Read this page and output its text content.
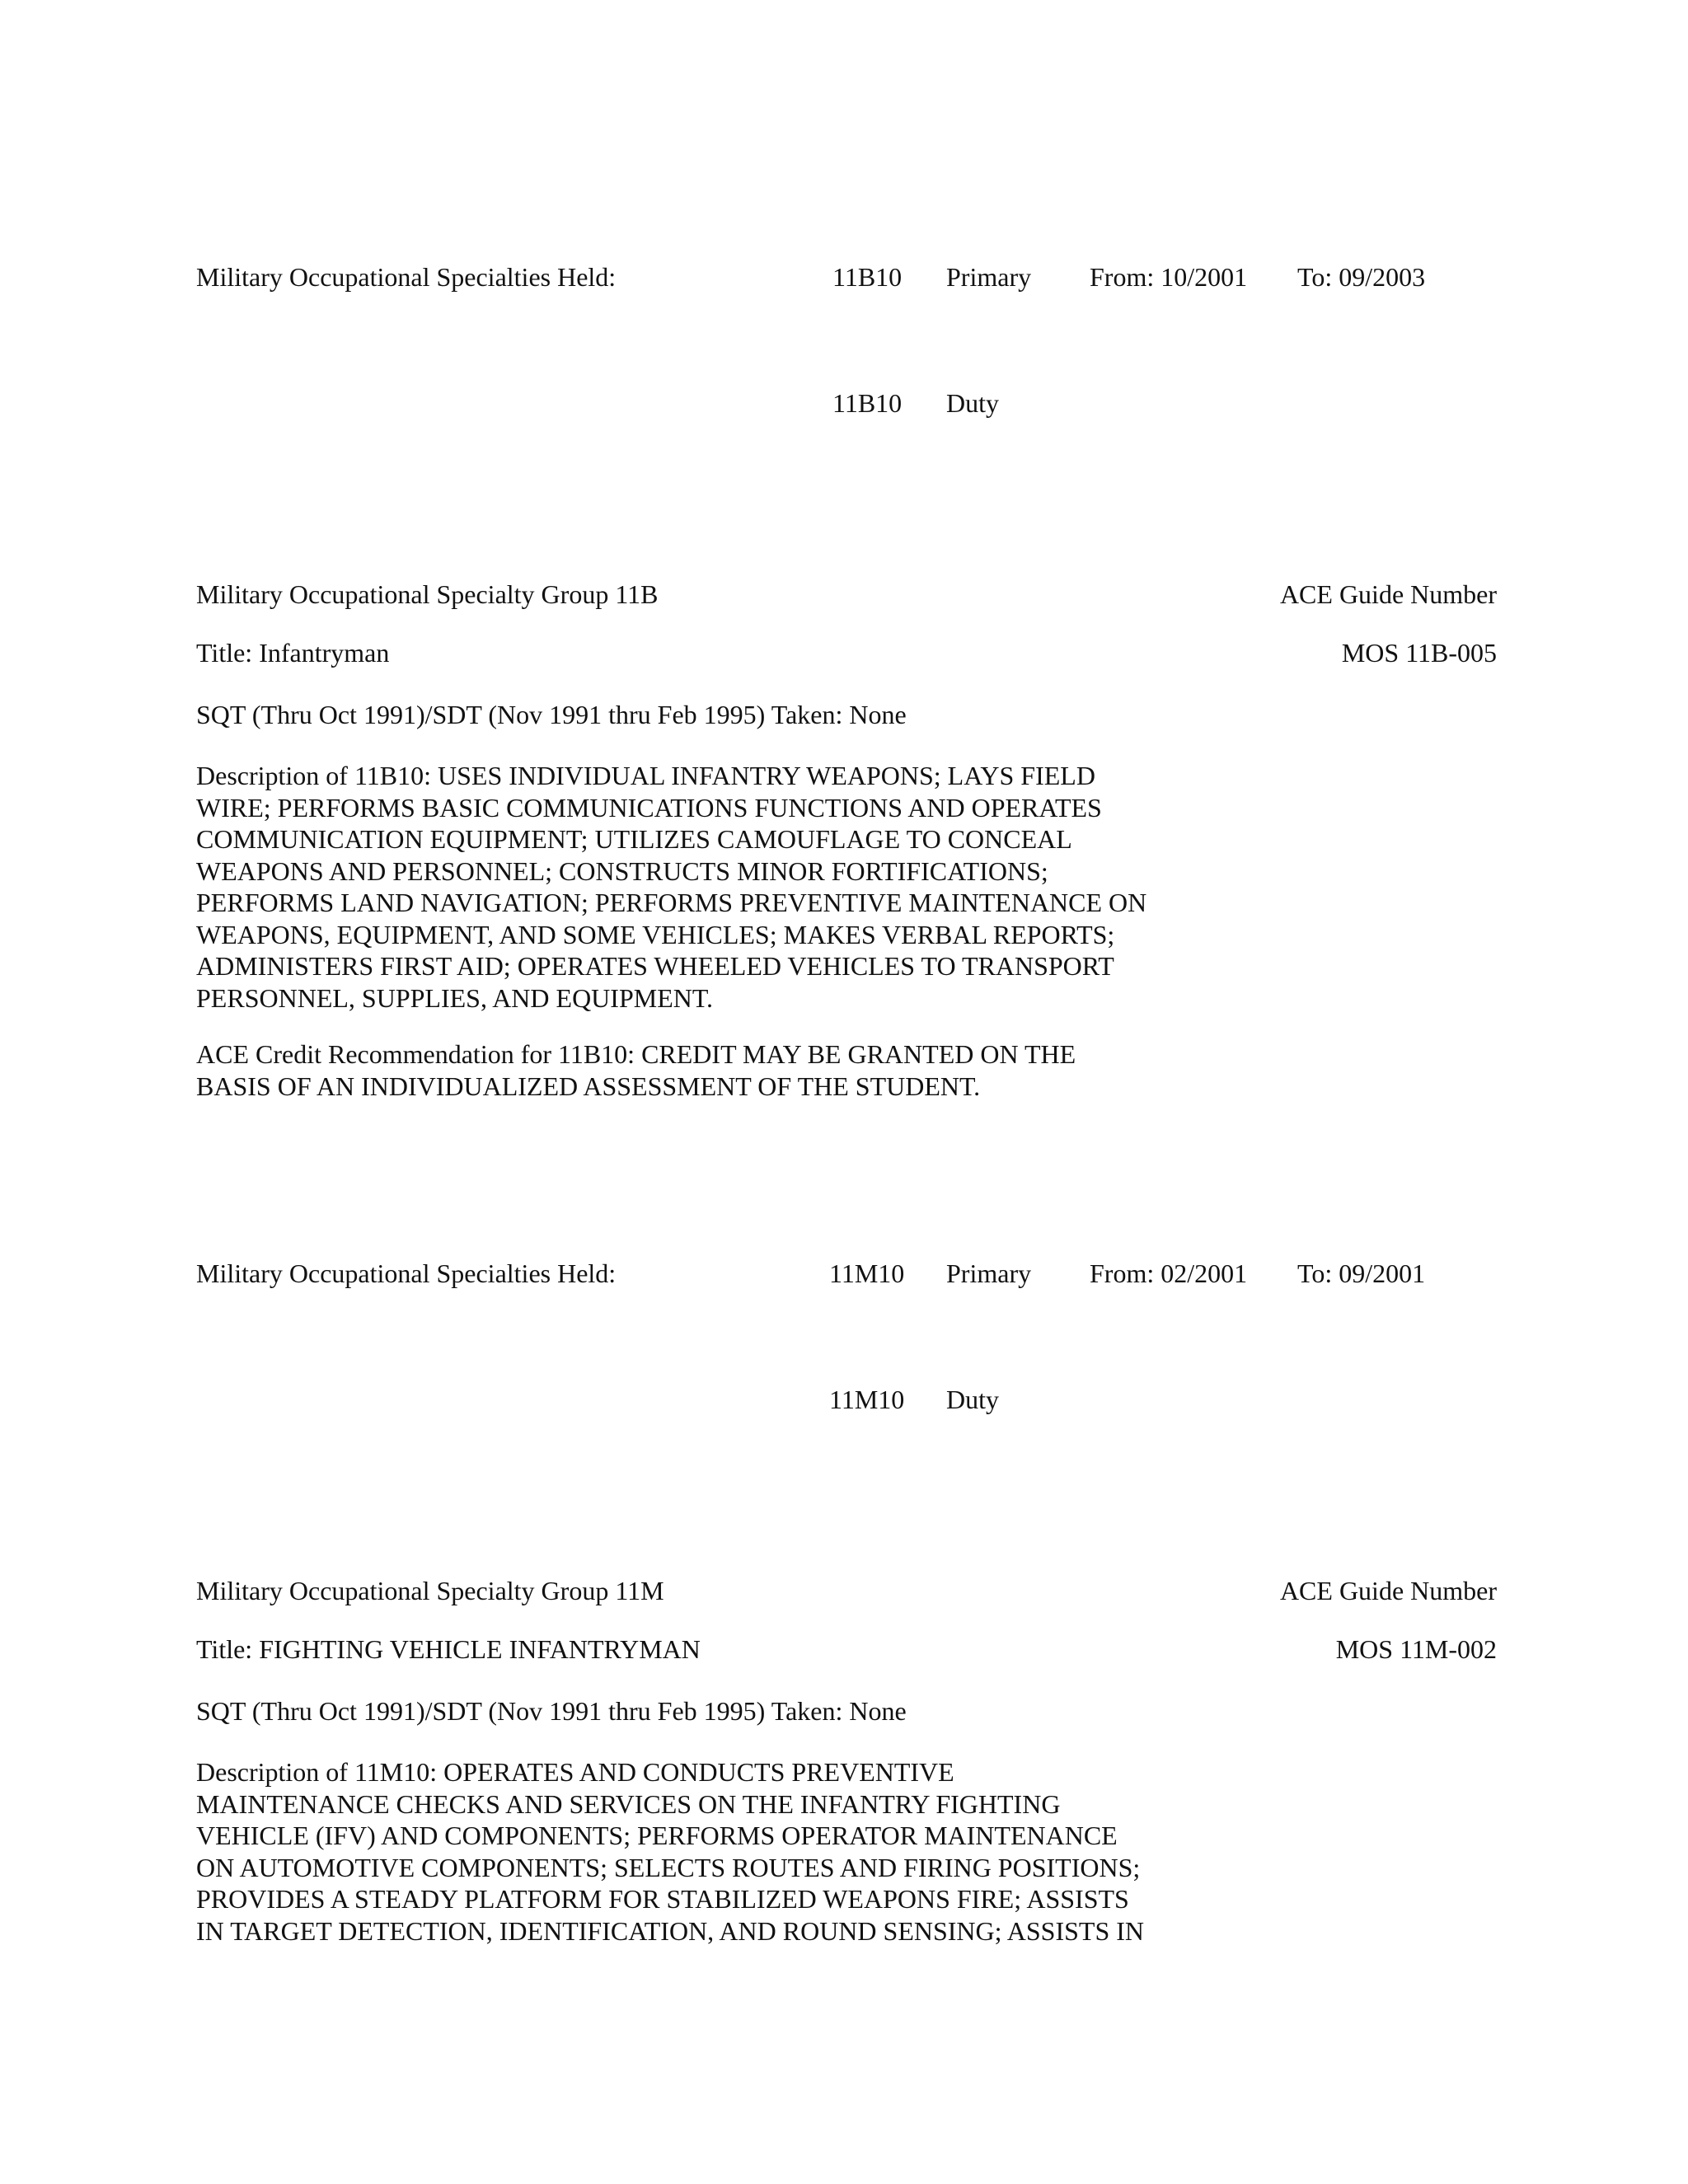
Military Occupational Specialties Held:	11B10 Primary From: 10/2001 To: 09/2003
11B10 Duty
Military Occupational Specialty Group 11B	ACE Guide Number
Title: Infantryman	MOS 11B-005
SQT (Thru Oct 1991)/SDT (Nov 1991 thru Feb 1995) Taken: None
Description of 11B10: USES INDIVIDUAL INFANTRY WEAPONS; LAYS FIELD
WIRE; PERFORMS BASIC COMMUNICATIONS FUNCTIONS AND OPERATES
COMMUNICATION EQUIPMENT; UTILIZES CAMOUFLAGE TO CONCEAL
WEAPONS AND PERSONNEL; CONSTRUCTS MINOR FORTIFICATIONS;
PERFORMS LAND NAVIGATION; PERFORMS PREVENTIVE MAINTENANCE ON
WEAPONS, EQUIPMENT, AND SOME VEHICLES; MAKES VERBAL REPORTS;
ADMINISTERS FIRST AID; OPERATES WHEELED VEHICLES TO TRANSPORT
PERSONNEL, SUPPLIES, AND EQUIPMENT.
ACE Credit Recommendation for 11B10: CREDIT MAY BE GRANTED ON THE
BASIS OF AN INDIVIDUALIZED ASSESSMENT OF THE STUDENT.
Military Occupational Specialties Held:	11M10 Primary From: 02/2001 To: 09/2001
11M10 Duty
Military Occupational Specialty Group 11M	ACE Guide Number
Title: FIGHTING VEHICLE INFANTRYMAN	MOS 11M-002
SQT (Thru Oct 1991)/SDT (Nov 1991 thru Feb 1995) Taken: None
Description of 11M10: OPERATES AND CONDUCTS PREVENTIVE
MAINTENANCE CHECKS AND SERVICES ON THE INFANTRY FIGHTING
VEHICLE (IFV) AND COMPONENTS; PERFORMS OPERATOR MAINTENANCE
ON AUTOMOTIVE COMPONENTS; SELECTS ROUTES AND FIRING POSITIONS;
PROVIDES A STEADY PLATFORM FOR STABILIZED WEAPONS FIRE; ASSISTS
IN TARGET DETECTION, IDENTIFICATION, AND ROUND SENSING; ASSISTS IN
